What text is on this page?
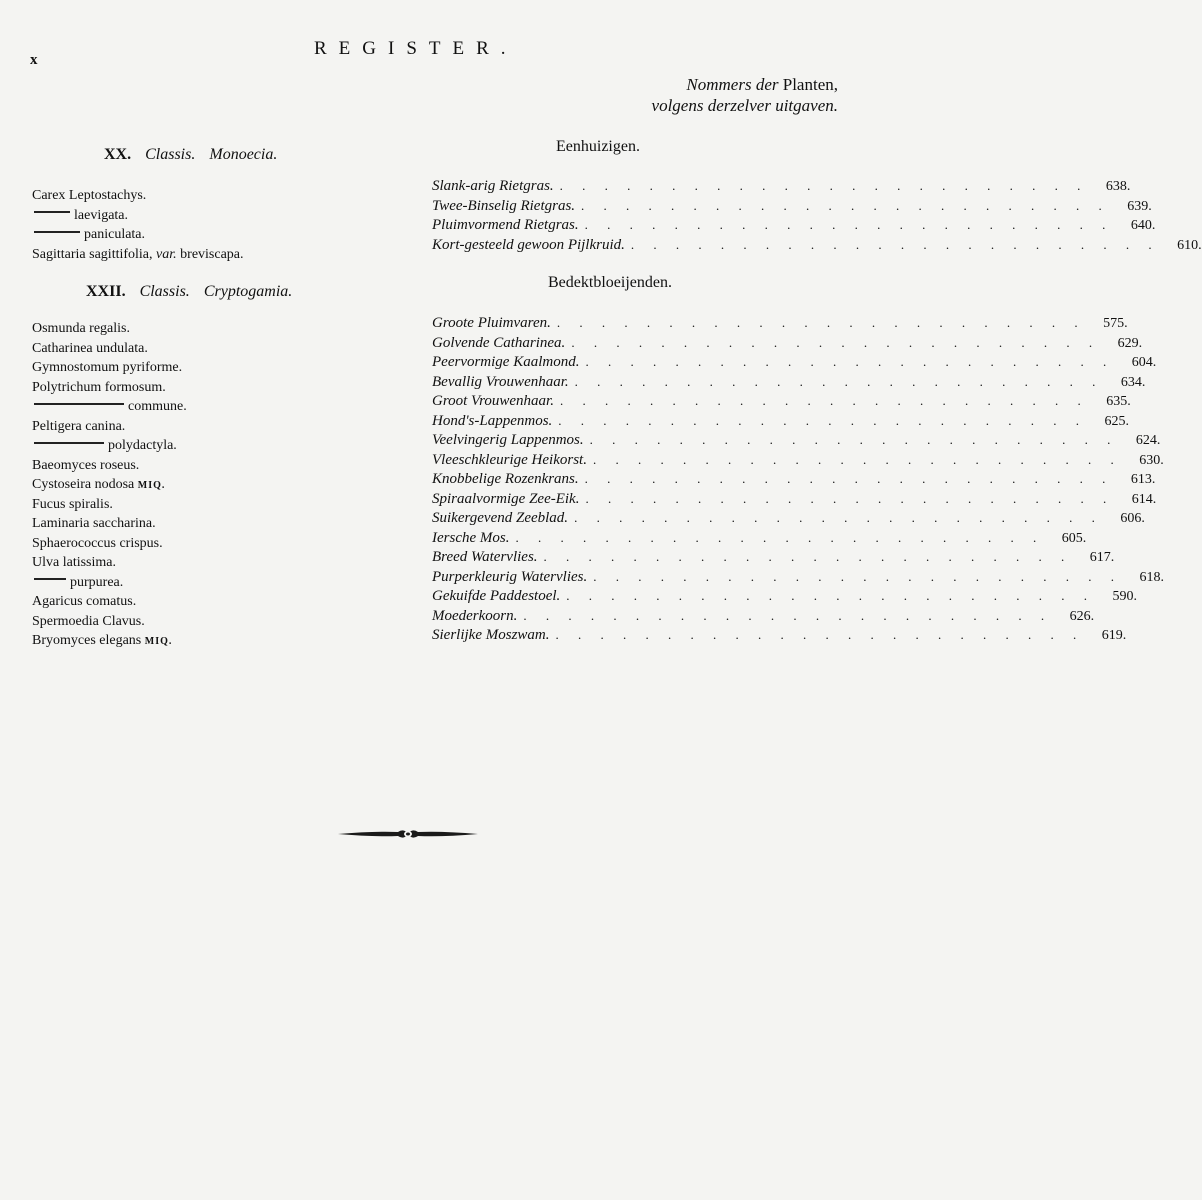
x
REGISTER.
Nommers der Planten,
volgens derzelver uitgaven.
XX. Classis. Monoecia.	Eenhuizigen.
Carex Leptostachys.
laevigata.
paniculata.
Sagittaria sagittifolia, var. breviscapa.
Slank-arig Rietgras. . . . . . . . . . . . . . . . . . . . . . . . .	638.
Twee-Binselig Rietgras. . . . . . . . . . . . . . . . . . . . . . . . .	639.
Pluimvormend Rietgras. . . . . . . . . . . . . . . . . . . . . . . . .	640.
Kort-gesteeld gewoon Pijlkruid. . . . . . . . . . . . . . . . . . . . . . . . .	610.
XXII. Classis. Cryptogamia.
Bedektbloeijenden.
Osmunda regalis.
Catharinea undulata.
Gymnostomum pyriforme.
Polytrichum formosum.
commune.
Peltigera canina.
polydactyla.
Baeomyces roseus.
Cystoseira nodosa MIQ.
Fucus spiralis.
Laminaria saccharina.
Sphaerococcus crispus.
Ulva latissima.
purpurea.
Agaricus comatus.
Spermoedia Clavus.
Bryomyces elegans MIQ.
Groote Pluimvaren. . . . . . . . . . . . . . . . . . . . . . . . .	575.
Golvende Catharinea. . . . . . . . . . . . . . . . . . . . . . . . .	629.
Peervormige Kaalmond. . . . . . . . . . . . . . . . . . . . . . . . .	604.
Bevallig Vrouwenhaar. . . . . . . . . . . . . . . . . . . . . . . . .	634.
Groot Vrouwenhaar. . . . . . . . . . . . . . . . . . . . . . . . .	635.
Hond's-Lappenmos. . . . . . . . . . . . . . . . . . . . . . . . .	625.
Veelvingerig Lappenmos. . . . . . . . . . . . . . . . . . . . . . . . .	624.
Vleeschkleurige Heikorst. . . . . . . . . . . . . . . . . . . . . . . . .	630.
Knobbelige Rozenkrans. . . . . . . . . . . . . . . . . . . . . . . . .	613.
Spiraalvormige Zee-Eik. . . . . . . . . . . . . . . . . . . . . . . . .	614.
Suikergevend Zeeblad. . . . . . . . . . . . . . . . . . . . . . . . .	606.
Iersche Mos. . . . . . . . . . . . . . . . . . . . . . . . .	605.
Breed Watervlies. . . . . . . . . . . . . . . . . . . . . . . . .	617.
Purperkleurig Watervlies. . . . . . . . . . . . . . . . . . . . . . . . .	618.
Gekuifde Paddestoel. . . . . . . . . . . . . . . . . . . . . . . . .	590.
Moederkoorn. . . . . . . . . . . . . . . . . . . . . . . . .	626.
Sierlijke Moszwam. . . . . . . . . . . . . . . . . . . . . . . . .	619.
